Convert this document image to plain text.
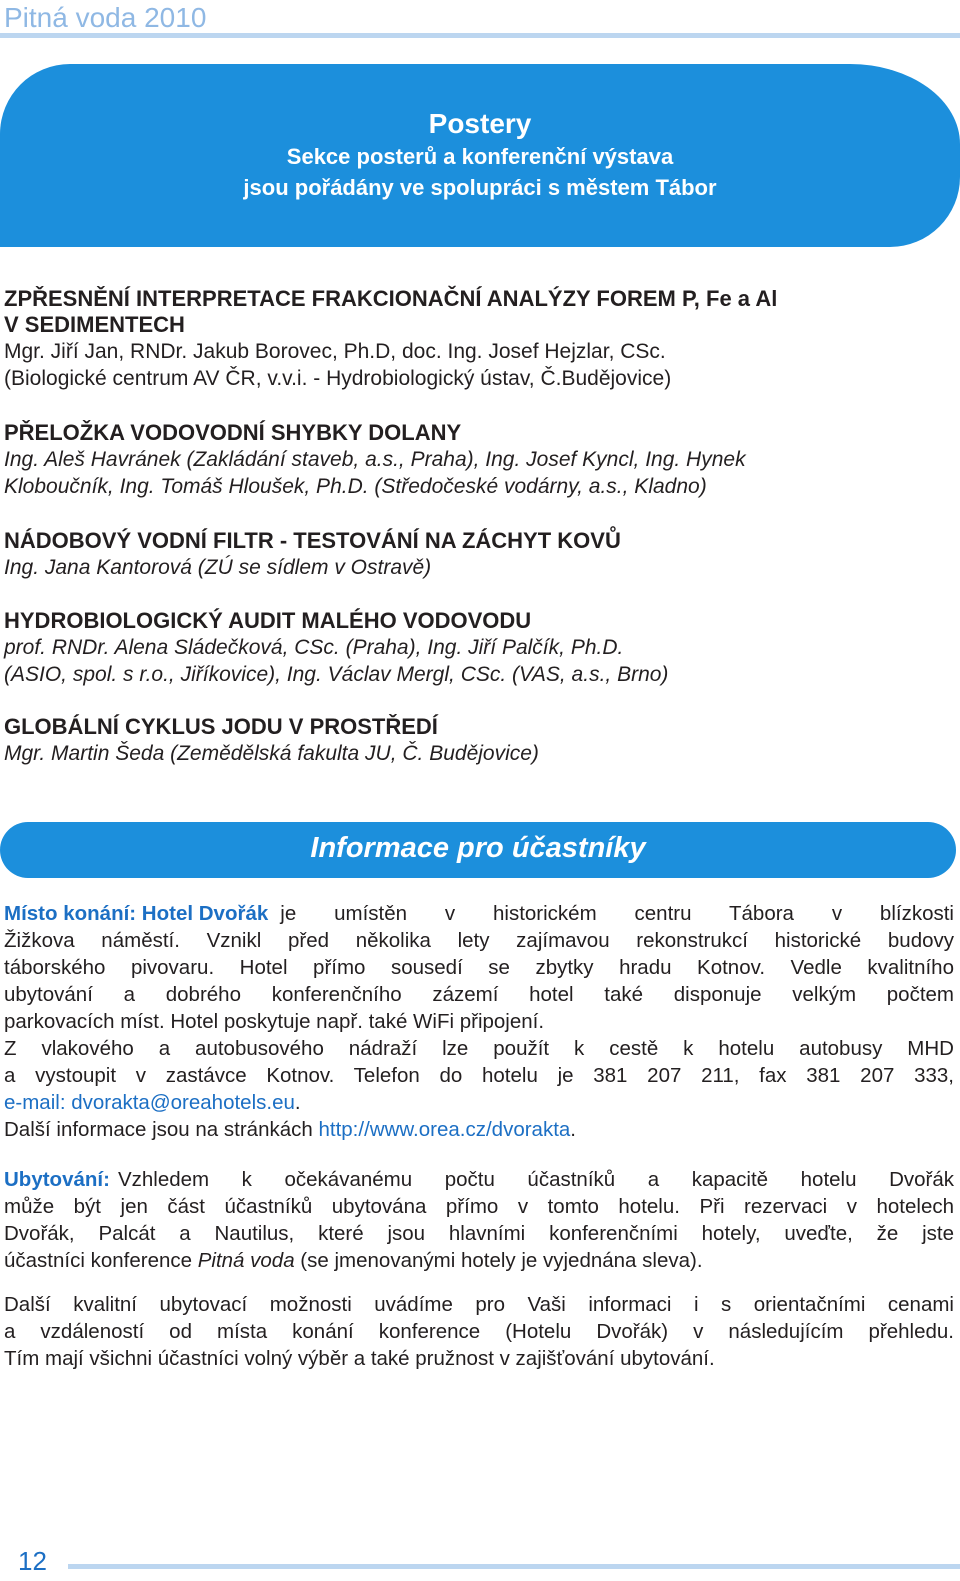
Pitná voda 2010
Postery
Sekce posterů a konferenční výstava
jsou pořádány ve spolupráci s městem Tábor
ZPŘESNĚNÍ INTERPRETACE FRAKCIONAČNÍ ANALÝZY FOREM P, Fe a Al
V SEDIMENTECH
Mgr. Jiří Jan, RNDr. Jakub Borovec, Ph.D, doc. Ing. Josef Hejzlar, CSc.
(Biologické centrum AV ČR, v.v.i. - Hydrobiologický ústav, Č.Budějovice)
PŘELOŽKA VODOVODNÍ SHYBKY DOLANY
Ing. Aleš Havránek (Zakládání staveb, a.s., Praha), Ing. Josef Kyncl, Ing. Hynek
Kloboučník, Ing. Tomáš Hloušek, Ph.D. (Středočeské vodárny, a.s., Kladno)
NÁDOBOVÝ VODNÍ FILTR - TESTOVÁNÍ NA ZÁCHYT KOVŮ
Ing. Jana Kantorová (ZÚ se sídlem v Ostravě)
HYDROBIOLOGICKÝ AUDIT MALÉHO VODOVODU
prof. RNDr. Alena Sládečková, CSc. (Praha), Ing. Jiří Palčík, Ph.D.
(ASIO, spol. s r.o., Jiříkovice), Ing. Václav Mergl, CSc. (VAS, a.s., Brno)
GLOBÁLNÍ CYKLUS JODU V PROSTŘEDÍ
Mgr. Martin Šeda (Zemědělská fakulta JU, Č. Budějovice)
Informace pro účastníky
Místo konání: Hotel Dvořák je umístěn v historickém centru Tábora v blízkosti
Žižkova náměstí. Vznikl před několika lety zajímavou rekonstrukcí historické budovy
táborského pivovaru. Hotel přímo sousedí se zbytky hradu Kotnov. Vedle kvalitního
ubytování a dobrého konferenčního zázemí hotel také disponuje velkým počtem
parkovacích míst. Hotel poskytuje např. také WiFi připojení.
Z vlakového a autobusového nádraží lze použít k cestě k hotelu autobusy MHD
a vystoupit v zastávce Kotnov. Telefon do hotelu je 381 207 211, fax 381 207 333,
e-mail: dvorakta@oreahotels.eu.
Další informace jsou na stránkách http://www.orea.cz/dvorakta.
Ubytování: Vzhledem k očekávanému počtu účastníků a kapacitě hotelu Dvořák
může být jen část účastníků ubytována přímo v tomto hotelu. Při rezervaci v hotelech
Dvořák, Palcát a Nautilus, které jsou hlavními konferenčními hotely, uveďte, že jste
účastníci konference Pitná voda (se jmenovanými hotely je vyjednána sleva).
Další kvalitní ubytovací možnosti uvádíme pro Vaši informaci i s orientačními cenami
a vzdáleností od místa konání konference (Hotelu Dvořák) v následujícím přehledu.
Tím mají všichni účastníci volný výběr a také pružnost v zajišťování ubytování.
12
